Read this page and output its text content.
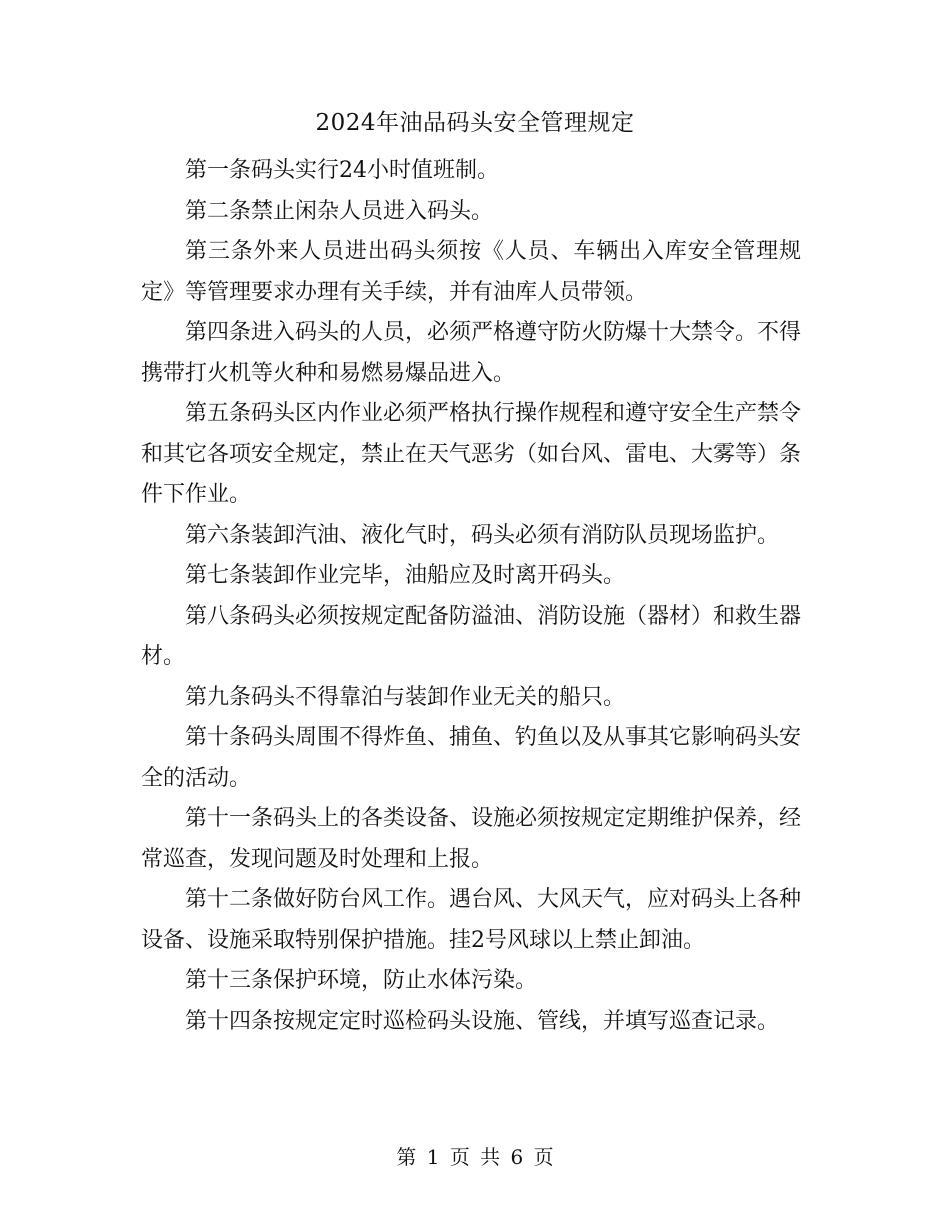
2024年油品码头安全管理规定

第一条码头实行24小时值班制。

第二条禁止闲杂人员进入码头。

第三条外来人员进出码头须按《人员、车辆出入库安全管理规定》等管理要求办理有关手续，并有油库人员带领。

第四条进入码头的人员，必须严格遵守防火防爆十大禁令。不得携带打火机等火种和易燃易爆品进入。

第五条码头区内作业必须严格执行操作规程和遵守安全生产禁令和其它各项安全规定，禁止在天气恶劣（如台风、雷电、大雾等）条件下作业。

第六条装卸汽油、液化气时，码头必须有消防队员现场监护。

第七条装卸作业完毕，油船应及时离开码头。

第八条码头必须按规定配备防溢油、消防设施（器材）和救生器材。

第九条码头不得靠泊与装卸作业无关的船只。

第十条码头周围不得炸鱼、捕鱼、钓鱼以及从事其它影响码头安全的活动。

第十一条码头上的各类设备、设施必须按规定定期维护保养，经常巡查，发现问题及时处理和上报。

第十二条做好防台风工作。遇台风、大风天气，应对码头上各种设备、设施采取特别保护措施。挂2号风球以上禁止卸油。

第十三条保护环境，防止水体污染。

第十四条按规定定时巡检码头设施、管线，并填写巡查记录。

第 1 页 共 6 页
